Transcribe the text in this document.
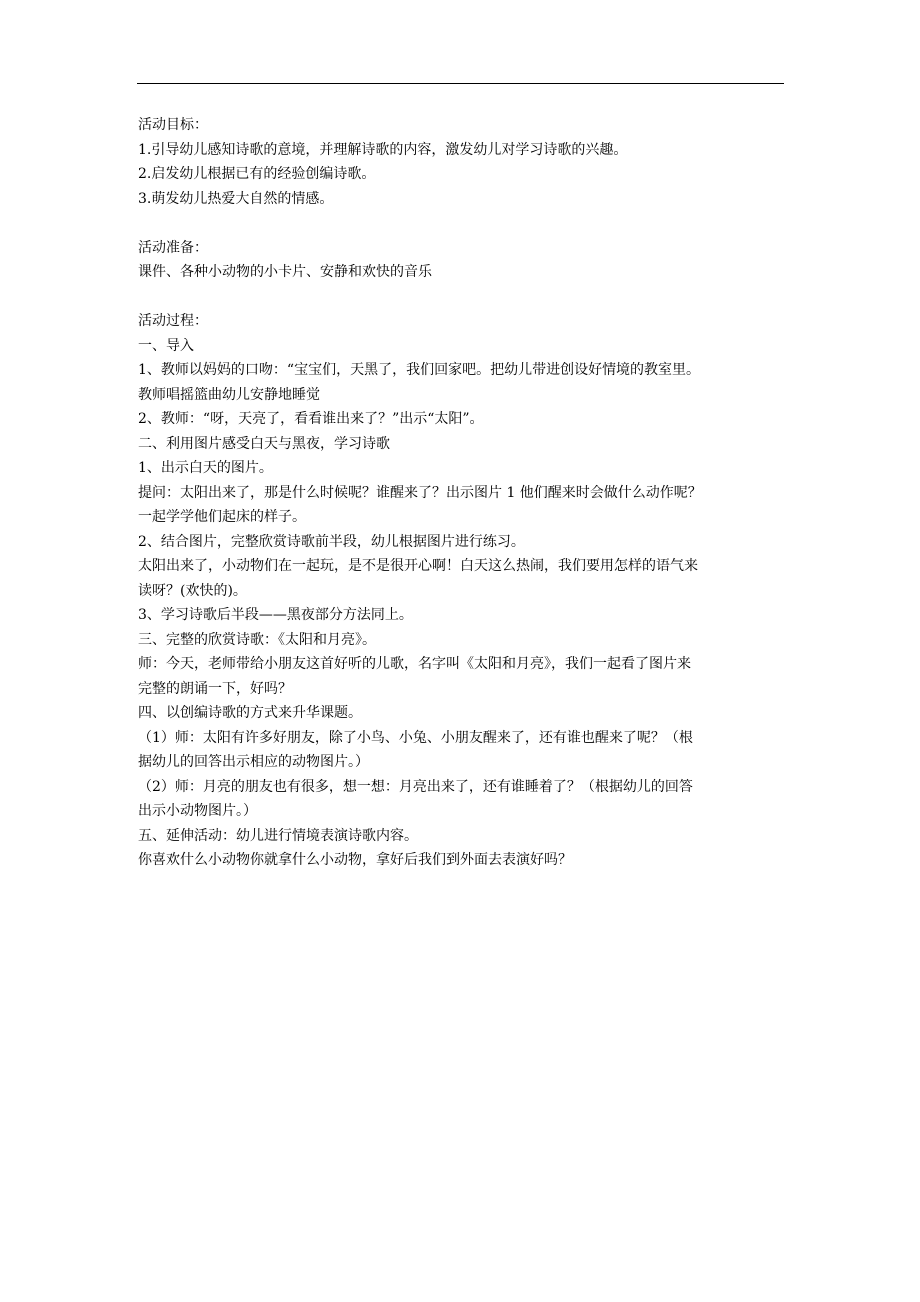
活动目标：
1.引导幼儿感知诗歌的意境，并理解诗歌的内容，激发幼儿对学习诗歌的兴趣。
2.启发幼儿根据已有的经验创编诗歌。
3.萌发幼儿热爱大自然的情感。
活动准备：
课件、各种小动物的小卡片、安静和欢快的音乐
活动过程：
一、导入
1、教师以妈妈的口吻：“宝宝们，天黑了，我们回家吧。把幼儿带进创设好情境的教室里。
教师唱摇篮曲幼儿安静地睡觉
2、教师：“呀，天亮了，看看谁出来了？”出示“太阳”。
二、利用图片感受白天与黑夜，学习诗歌
1、出示白天的图片。
提问：太阳出来了，那是什么时候呢？谁醒来了？出示图片 1 他们醒来时会做什么动作呢？
一起学学他们起床的样子。
2、结合图片，完整欣赏诗歌前半段，幼儿根据图片进行练习。
太阳出来了，小动物们在一起玩，是不是很开心啊！白天这么热闹，我们要用怎样的语气来
读呀？(欢快的)。
3、学习诗歌后半段——黑夜部分方法同上。
三、完整的欣赏诗歌：《太阳和月亮》。
师：今天，老师带给小朋友这首好听的儿歌，名字叫《太阳和月亮》，我们一起看了图片来
完整的朗诵一下，好吗？
四、以创编诗歌的方式来升华课题。
（1）师：太阳有许多好朋友，除了小鸟、小兔、小朋友醒来了，还有谁也醒来了呢？（根
据幼儿的回答出示相应的动物图片。）
（2）师：月亮的朋友也有很多，想一想：月亮出来了，还有谁睡着了？（根据幼儿的回答
出示小动物图片。）
五、延伸活动：幼儿进行情境表演诗歌内容。
你喜欢什么小动物你就拿什么小动物，拿好后我们到外面去表演好吗？
